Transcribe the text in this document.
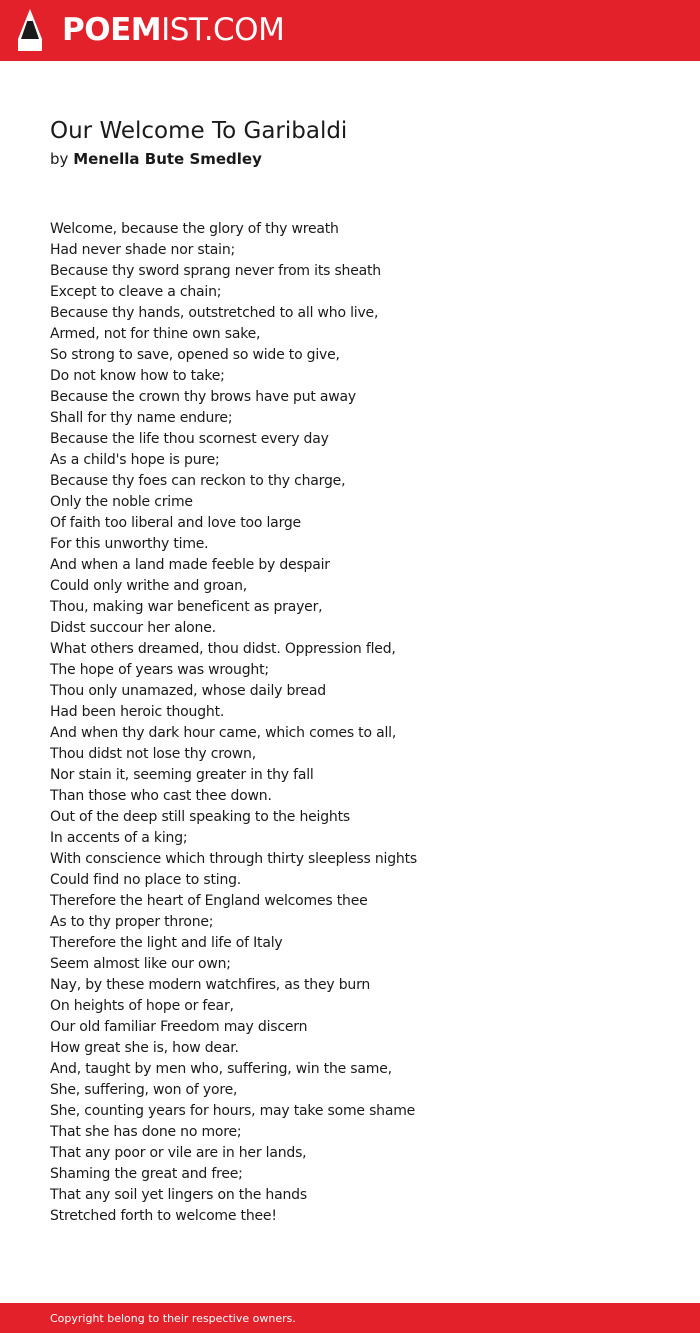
POEMIST.COM
Our Welcome To Garibaldi
by Menella Bute Smedley
Welcome, because the glory of thy wreath
Had never shade nor stain;
Because thy sword sprang never from its sheath
Except to cleave a chain;
Because thy hands, outstretched to all who live,
Armed, not for thine own sake,
So strong to save, opened so wide to give,
Do not know how to take;
Because the crown thy brows have put away
Shall for thy name endure;
Because the life thou scornest every day
As a child's hope is pure;
Because thy foes can reckon to thy charge,
Only the noble crime
Of faith too liberal and love too large
For this unworthy time.
And when a land made feeble by despair
Could only writhe and groan,
Thou, making war beneficent as prayer,
Didst succour her alone.
What others dreamed, thou didst. Oppression fled,
The hope of years was wrought;
Thou only unamazed, whose daily bread
Had been heroic thought.
And when thy dark hour came, which comes to all,
Thou didst not lose thy crown,
Nor stain it, seeming greater in thy fall
Than those who cast thee down.
Out of the deep still speaking to the heights
In accents of a king;
With conscience which through thirty sleepless nights
Could find no place to sting.
Therefore the heart of England welcomes thee
As to thy proper throne;
Therefore the light and life of Italy
Seem almost like our own;
Nay, by these modern watchfires, as they burn
On heights of hope or fear,
Our old familiar Freedom may discern
How great she is, how dear.
And, taught by men who, suffering, win the same,
She, suffering, won of yore,
She, counting years for hours, may take some shame
That she has done no more;
That any poor or vile are in her lands,
Shaming the great and free;
That any soil yet lingers on the hands
Stretched forth to welcome thee!
Copyright belong to their respective owners.
